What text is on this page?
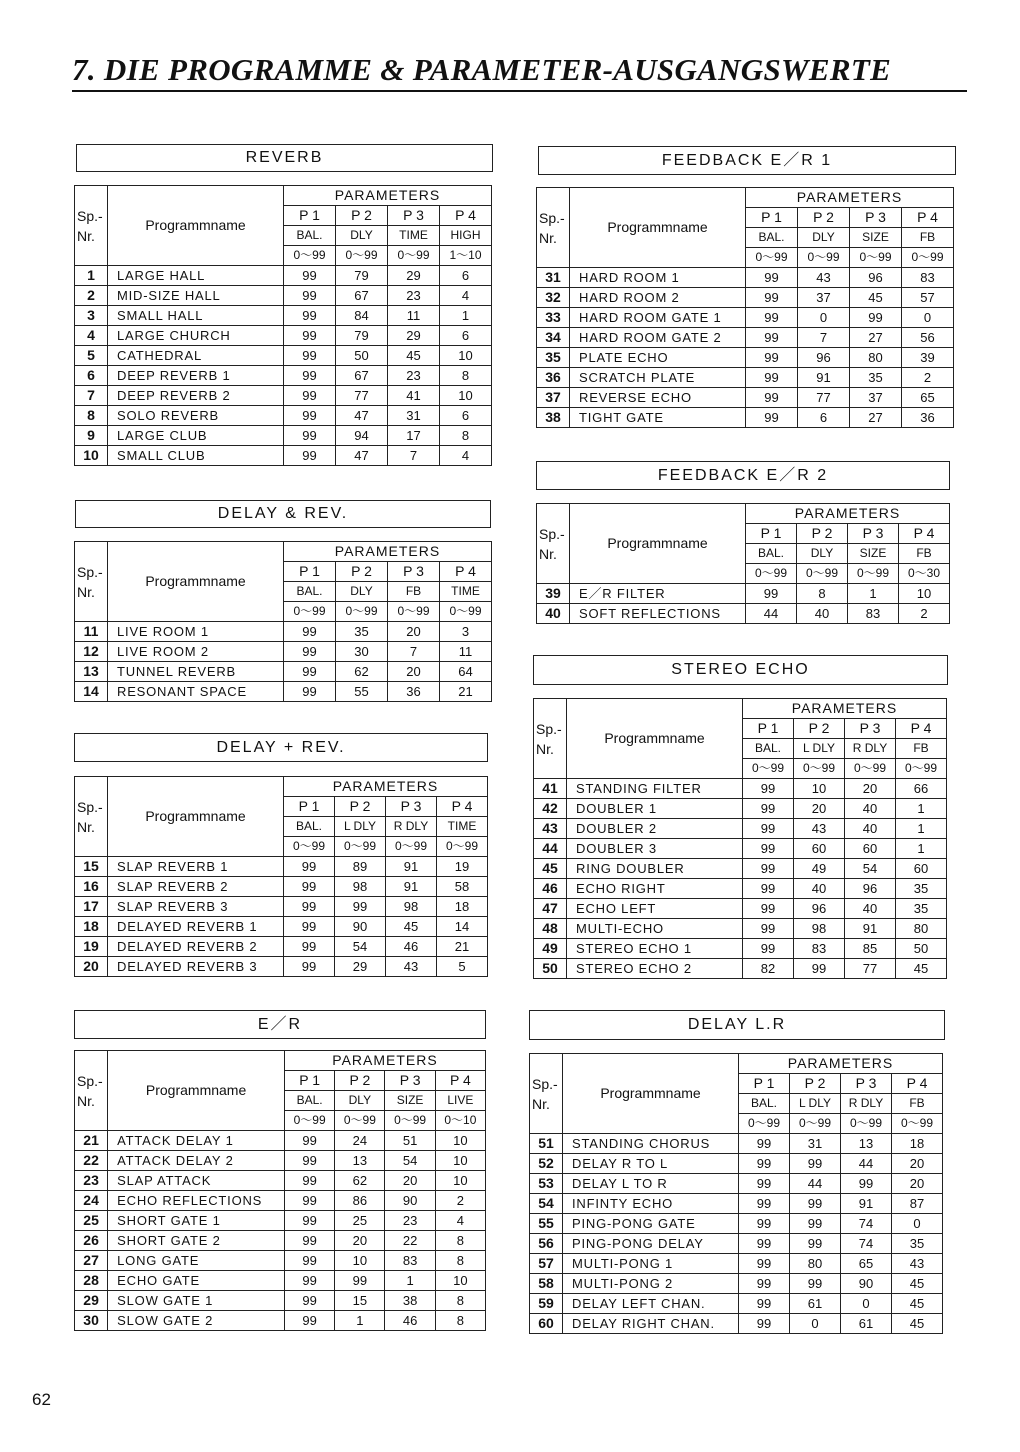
7. DIE PROGRAMME & PARAMETER-AUSGANGSWERTE
62
REVERB
Sp.-
Nr.	Programmname	PARAMETERS			
		P 1	P 2	P 3	P 4
		BAL.	DLY	TIME	HIGH
		0～99	0～99	0～99	1～10
1	LARGE HALL	99	79	29	6
2	MID-SIZE HALL	99	67	23	4
3	SMALL HALL	99	84	11	1
4	LARGE CHURCH	99	79	29	6
5	CATHEDRAL	99	50	45	10
6	DEEP REVERB 1	99	67	23	8
7	DEEP REVERB 2	99	77	41	10
8	SOLO REVERB	99	47	31	6
9	LARGE CLUB	99	94	17	8
10	SMALL CLUB	99	47	7	4
DELAY & REV.
Sp.-
Nr.	Programmname	PARAMETERS			
		P 1	P 2	P 3	P 4
		BAL.	DLY	FB	TIME
		0～99	0～99	0～99	0～99
11	LIVE ROOM 1	99	35	20	3
12	LIVE ROOM 2	99	30	7	11
13	TUNNEL REVERB	99	62	20	64
14	RESONANT SPACE	99	55	36	21
DELAY + REV.
Sp.-
Nr.	Programmname	PARAMETERS			
		P 1	P 2	P 3	P 4
		BAL.	L DLY	R DLY	TIME
		0～99	0～99	0～99	0～99
15	SLAP REVERB 1	99	89	91	19
16	SLAP REVERB 2	99	98	91	58
17	SLAP REVERB 3	99	99	98	18
18	DELAYED REVERB 1	99	90	45	14
19	DELAYED REVERB 2	99	54	46	21
20	DELAYED REVERB 3	99	29	43	5
E／R
Sp.-
Nr.	Programmname	PARAMETERS			
		P 1	P 2	P 3	P 4
		BAL.	DLY	SIZE	LIVE
		0～99	0～99	0～99	0～10
21	ATTACK DELAY 1	99	24	51	10
22	ATTACK DELAY 2	99	13	54	10
23	SLAP ATTACK	99	62	20	10
24	ECHO REFLECTIONS	99	86	90	2
25	SHORT GATE 1	99	25	23	4
26	SHORT GATE 2	99	20	22	8
27	LONG GATE	99	10	83	8
28	ECHO GATE	99	99	1	10
29	SLOW GATE 1	99	15	38	8
30	SLOW GATE 2	99	1	46	8
FEEDBACK E／R 1
Sp.-
Nr.	Programmname	PARAMETERS			
		P 1	P 2	P 3	P 4
		BAL.	DLY	SIZE	FB
		0～99	0～99	0～99	0～99
31	HARD ROOM 1	99	43	96	83
32	HARD ROOM 2	99	37	45	57
33	HARD ROOM GATE 1	99	0	99	0
34	HARD ROOM GATE 2	99	7	27	56
35	PLATE ECHO	99	96	80	39
36	SCRATCH PLATE	99	91	35	2
37	REVERSE ECHO	99	77	37	65
38	TIGHT GATE	99	6	27	36
FEEDBACK E／R 2
Sp.-
Nr.	Programmname	PARAMETERS			
		P 1	P 2	P 3	P 4
		BAL.	DLY	SIZE	FB
		0～99	0～99	0～99	0～30
39	E／R FILTER	99	8	1	10
40	SOFT REFLECTIONS	44	40	83	2
STEREO ECHO
Sp.-
Nr.	Programmname	PARAMETERS			
		P 1	P 2	P 3	P 4
		BAL.	L DLY	R DLY	FB
		0～99	0～99	0～99	0～99
41	STANDING FILTER	99	10	20	66
42	DOUBLER 1	99	20	40	1
43	DOUBLER 2	99	43	40	1
44	DOUBLER 3	99	60	60	1
45	RING DOUBLER	99	49	54	60
46	ECHO RIGHT	99	40	96	35
47	ECHO LEFT	99	96	40	35
48	MULTI-ECHO	99	98	91	80
49	STEREO ECHO 1	99	83	85	50
50	STEREO ECHO 2	82	99	77	45
DELAY L.R
Sp.-
Nr.	Programmname	PARAMETERS			
		P 1	P 2	P 3	P 4
		BAL.	L DLY	R DLY	FB
		0～99	0～99	0～99	0～99
51	STANDING CHORUS	99	31	13	18
52	DELAY R TO L	99	99	44	20
53	DELAY L TO R	99	44	99	20
54	INFINTY ECHO	99	99	91	87
55	PING-PONG GATE	99	99	74	0
56	PING-PONG DELAY	99	99	74	35
57	MULTI-PONG 1	99	80	65	43
58	MULTI-PONG 2	99	99	90	45
59	DELAY LEFT CHAN.	99	61	0	45
60	DELAY RIGHT CHAN.	99	0	61	45
